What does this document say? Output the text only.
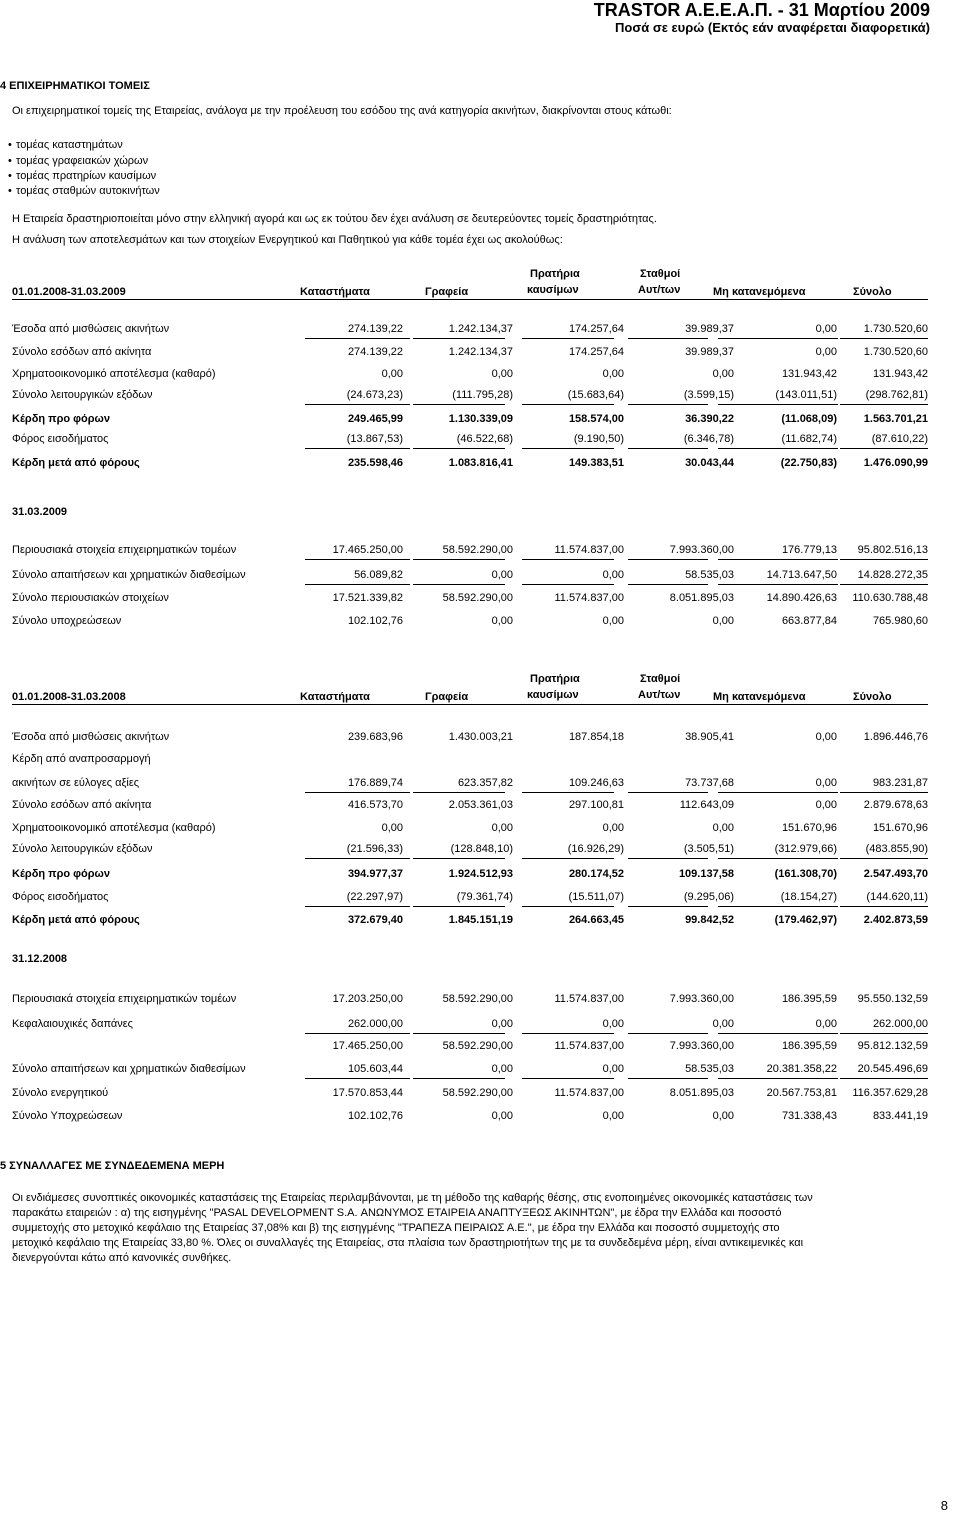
TRASTOR A.E.E.A.Π. - 31 Μαρτίου 2009
Ποσά σε ευρώ (Εκτός εάν αναφέρεται διαφορετικά)
4 ΕΠΙΧΕΙΡΗΜΑΤΙΚΟΙ ΤΟΜΕΙΣ
Οι επιχειρηματικοί τομείς της Εταιρείας, ανάλογα με την προέλευση του εσόδου της ανά κατηγορία ακινήτων, διακρίνονται στους κάτωθι:
• τομέας καταστημάτων
• τομέας γραφειακών χώρων
• τομέας πρατηρίων καυσίμων
• τομέας σταθμών αυτοκινήτων
Η Εταιρεία δραστηριοποιείται μόνο στην ελληνική αγορά και ως εκ τούτου δεν έχει ανάλυση σε δευτερεύοντες τομείς δραστηριότητας.
Η ανάλυση των αποτελεσμάτων και των στοιχείων Ενεργητικού και Παθητικού για κάθε τομέα έχει ως ακολούθως:
01.01.2008-31.03.2009	Καταστήματα	Γραφεία
Πρατήρια
καυσίμων
Σταθμοί
Αυτ/των	Μη κατανεμόμενα	Σύνολο
Έσοδα από μισθώσεις ακινήτων	274.139,22	1.242.134,37	174.257,64	39.989,37	0,00 1.730.520,60
Σύνολο εσόδων από ακίνητα	274.139,22	1.242.134,37	174.257,64	39.989,37	0,00 1.730.520,60
Χρηματοοικονομικό αποτέλεσμα (καθαρό)	0,00	0,00	0,00	0,00	131.943,42	131.943,42
Σύνολο λειτουργικών εξόδων	(24.673,23)	(111.795,28)	(15.683,64)	(3.599,15)	(143.011,51)	(298.762,81)
Κέρδη προ φόρων	249.465,99	1.130.339,09	158.574,00	36.390,22	(11.068,09) 1.563.701,21
Φόρος εισοδήματος	(13.867,53)	(46.522,68)	(9.190,50)	(6.346,78)	(11.682,74)	(87.610,22)
Κέρδη μετά από φόρους	235.598,46	1.083.816,41	149.383,51	30.043,44	(22.750,83) 1.476.090,99
31.03.2009
Περιουσιακά στοιχεία επιχειρηματικών τομέων	17.465.250,00	58.592.290,00	11.574.837,00	7.993.360,00	176.779,13 95.802.516,13
Σύνολο απαιτήσεων και χρηματικών διαθεσίμων	56.089,82	0,00	0,00	58.535,03	14.713.647,50 14.828.272,35
Σύνολο περιουσιακών στοιχείων	17.521.339,82	58.592.290,00	11.574.837,00	8.051.895,03	14.890.426,63 110.630.788,48
Σύνολο υποχρεώσεων	102.102,76	0,00	0,00	0,00	663.877,84	765.980,60
01.01.2008-31.03.2008	Καταστήματα	Γραφεία
Πρατήρια
καυσίμων
Σταθμοί
Αυτ/των	Μη κατανεμόμενα	Σύνολο
Έσοδα από μισθώσεις ακινήτων	239.683,96	1.430.003,21	187.854,18	38.905,41	0,00 1.896.446,76
Κέρδη από αναπροσαρμογή
ακινήτων σε εύλογες αξίες	176.889,74	623.357,82	109.246,63	73.737,68	0,00	983.231,87
Σύνολο εσόδων από ακίνητα	416.573,70	2.053.361,03	297.100,81	112.643,09	0,00 2.879.678,63
Χρηματοοικονομικό αποτέλεσμα (καθαρό)	0,00	0,00	0,00	0,00	151.670,96	151.670,96
Σύνολο λειτουργικών εξόδων	(21.596,33)	(128.848,10)	(16.926,29)	(3.505,51)	(312.979,66)	(483.855,90)
Κέρδη προ φόρων	394.977,37	1.924.512,93	280.174,52	109.137,58	(161.308,70) 2.547.493,70
Φόρος εισοδήματος	(22.297,97)	(79.361,74)	(15.511,07)	(9.295,06)	(18.154,27)	(144.620,11)
Κέρδη μετά από φόρους	372.679,40	1.845.151,19	264.663,45	99.842,52	(179.462,97) 2.402.873,59
31.12.2008
Περιουσιακά στοιχεία επιχειρηματικών τομέων	17.203.250,00	58.592.290,00	11.574.837,00	7.993.360,00	186.395,59 95.550.132,59
Κεφαλαιουχικές δαπάνες	262.000,00	0,00	0,00	0,00	0,00	262.000,00
17.465.250,00	58.592.290,00	11.574.837,00	7.993.360,00	186.395,59 95.812.132,59
Σύνολο απαιτήσεων και χρηματικών διαθεσίμων	105.603,44	0,00	0,00	58.535,03	20.381.358,22 20.545.496,69
Σύνολο ενεργητικού	17.570.853,44	58.592.290,00	11.574.837,00	8.051.895,03	20.567.753,81 116.357.629,28
Σύνολο Υποχρεώσεων	102.102,76	0,00	0,00	0,00	731.338,43	833.441,19
5 ΣΥΝΑΛΛΑΓΕΣ ΜΕ ΣΥΝΔΕΔΕΜΕΝΑ ΜΕΡΗ
Οι ενδιάμεσες συνοπτικές οικονομικές καταστάσεις της Εταιρείας περιλαμβάνονται, με τη μέθοδο της καθαρής θέσης, στις ενοποιημένες οικονομικές καταστάσεις των
παρακάτω εταιρειών : α) της εισηγμένης "PASAL DEVELOPMENT S.A. ΑΝΩΝΥΜΟΣ ΕΤΑΙΡΕΙΑ ΑΝΑΠΤΥΞΕΩΣ ΑΚΙΝΗΤΩΝ", με έδρα την Ελλάδα και ποσοστό
συμμετοχής στο μετοχικό κεφάλαιο της Εταιρείας 37,08% και β) της εισηγμένης "ΤΡΑΠΕΖΑ ΠΕΙΡΑΙΩΣ Α.Ε.", με έδρα την Ελλάδα και ποσοστό συμμετοχής στο
μετοχικό κεφάλαιο της Εταιρείας 33,80 %. Όλες οι συναλλαγές της Εταιρείας, στα πλαίσια των δραστηριοτήτων της με τα συνδεδεμένα μέρη, είναι αντικειμενικές και
διενεργούνται κάτω από κανονικές συνθήκες.
8
